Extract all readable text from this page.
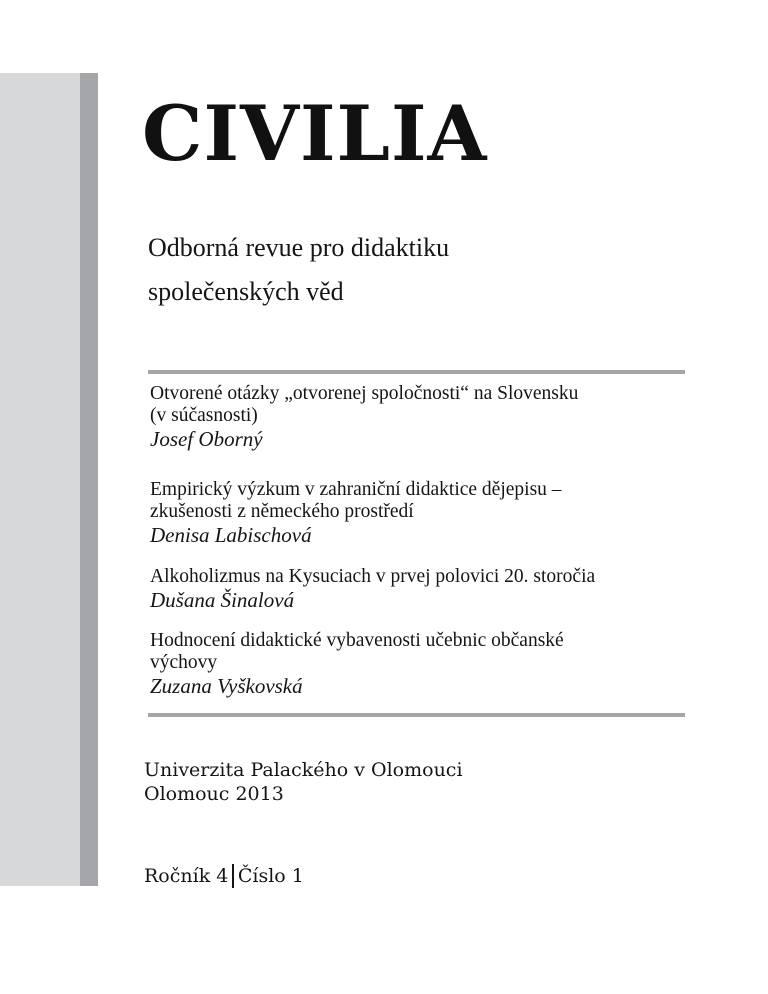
CIVILIA
Odborná revue pro didaktiku
společenských věd
Otvorené otázky „otvorenej spoločnosti“ na Slovensku
(v súčasnosti)
Josef Oborný
Empirický výzkum v zahraniční didaktice dějepisu –
zkušenosti z německého prostředí
Denisa Labischová
Alkoholizmus na Kysuciach v prvej polovici 20. storočia
Dušana Šinalová
Hodnocení didaktické vybavenosti učebnic občanské
výchovy
Zuzana Vyškovská
Univerzita Palackého v Olomouci
Olomouc 2013
Ročník 4 Číslo 1
